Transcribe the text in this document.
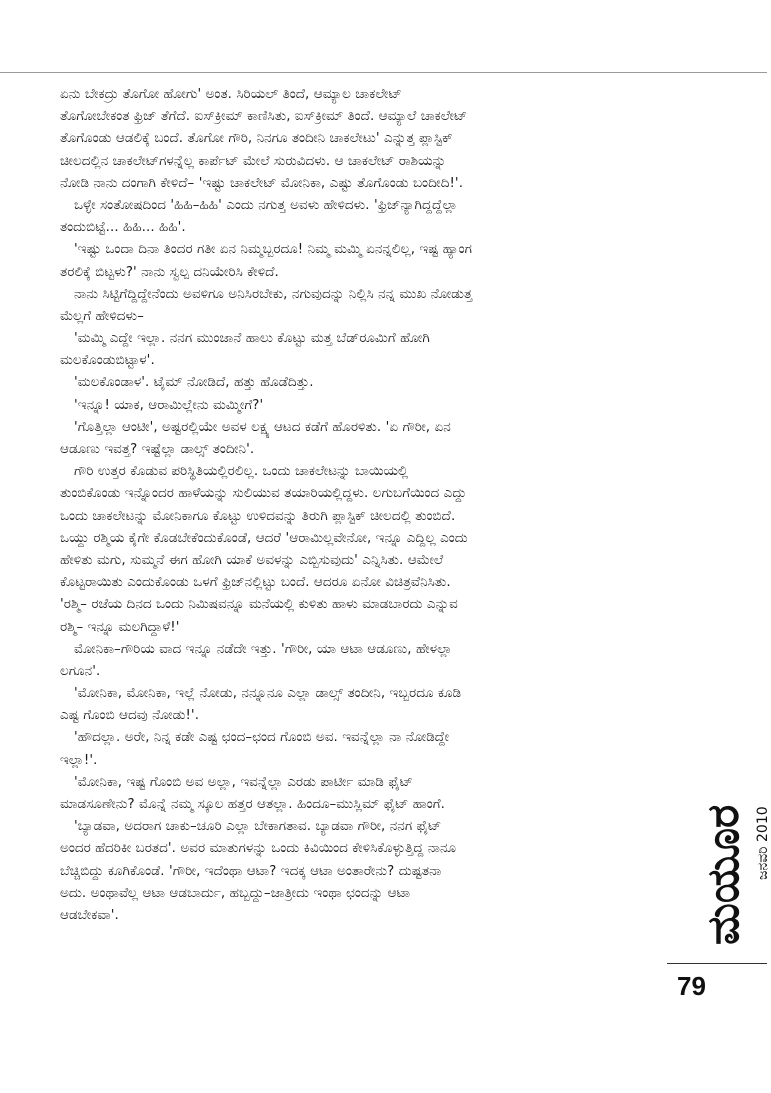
ಏನು ಬೇಕದ್ರು ತೊಗೋ ಹೋಗು' ಅಂತ. ಸಿರಿಯಲ್ ತಿಂದೆ, ಆಮ್ಯಾಲ ಚಾಕಲೇಟ್
ತೊಗೋಬೇಕಂತ ಫ್ರಿಜ್ ತೆಗೆದೆ. ಐಸ್‌ಕ್ರೀಮ್ ಕಾಣಿಸಿತು, ಐಸ್‌ಕ್ರೀಮ್ ತಿಂದೆ. ಆಮ್ಯಾಲೆ ಚಾಕಲೇಟ್
ತೊಗೊಂಡು ಆಡಲಿಕ್ಕೆ ಬಂದೆ. ತೊಗೋ ಗೌರಿ, ನಿನಗೂ ತಂದೀನಿ ಚಾಕಲೇಟು' ಎನ್ನುತ್ತ ಪ್ಲಾಸ್ಟಿಕ್
ಚೀಲದಲ್ಲಿನ ಚಾಕಲೇಟ್‌ಗಳನ್ನೆಲ್ಲ ಕಾರ್ಪೆಟ್ ಮೇಲೆ ಸುರುವಿದಳು. ಆ ಚಾಕಲೇಟ್ ರಾಶಿಯನ್ನು
ನೋಡಿ ನಾನು ದಂಗಾಗಿ ಕೇಳಿದೆ– 'ಇಷ್ಟು ಚಾಕಲೇಟ್ ಮೋನಿಕಾ, ಎಷ್ಟು ತೊಗೊಂಡು ಬಂದೀದಿ!'.
ಒಳ್ಳೇ ಸಂತೋಷದಿಂದ 'ಹಿಹಿ–ಹಿಹಿ' ಎಂದು ನಗುತ್ತ ಅವಳು ಹೇಳಿದಳು. 'ಫ್ರಿಜ್‌ನ್ಯಾಗಿದ್ದದ್ದೆಲ್ಲಾ
ತಂದುಬಿಟ್ಟೆ... ಹಿಹಿ... ಹಿಹಿ'.
'ಇಷ್ಟು ಒಂದಾ ದಿನಾ ತಿಂದರ ಗತೀ ಏನ ನಿಮ್ಮಬ್ಬರದೂ! ನಿಮ್ಮ ಮಮ್ಮಿ ಏನನ್ನಲಿಲ್ಲ, ಇಷ್ಟ ಹ್ಯಾಂಗ
ತರಲಿಕ್ಕೆ ಬಿಟ್ಟಳು?' ನಾನು ಸ್ವಲ್ಪ ದನಿಯೇರಿಸಿ ಕೇಳಿದೆ.
ನಾನು ಸಿಟ್ಟಿಗೆದ್ದಿದ್ದೇನೆಂದು ಅವಳಿಗೂ ಅನಿಸಿರಬೇಕು, ನಗುವುದನ್ನು ನಿಲ್ಲಿಸಿ ನನ್ನ ಮುಖ ನೋಡುತ್ತ
ಮೆಲ್ಲಗೆ ಹೇಳಿದಳು–
'ಮಮ್ಮಿ ಎದ್ದೇ ಇಲ್ಲಾ. ನನಗ ಮುಂಜಾನೆ ಹಾಲು ಕೊಟ್ಟು ಮತ್ತ ಬೆಡ್‌ರೂಮಿಗೆ ಹೋಗಿ
ಮಲಕೊಂಡುಬಿಟ್ಟಾಳ'.
'ಮಲಕೊಂಡಾಳ'. ಟೈಮ್ ನೋಡಿದೆ, ಹತ್ತು ಹೊಡೆದಿತ್ತು.
'ಇನ್ನೂ! ಯಾಕ, ಆರಾಮಿಲ್ಲೇನು ಮಮ್ಮೀಗೆ?'
'ಗೊತ್ತಿಲ್ಲಾ ಆಂಟೀ', ಅಷ್ಟರಲ್ಲಿಯೇ ಅವಳ ಲಕ್ಷ್ಯ ಆಟದ ಕಡೆಗೆ ಹೊರಳಿತು. 'ಏ ಗೌರೀ, ಏನ
ಆಡೂಣು ಇವತ್ತ? ಇಷ್ಟೆಲ್ಲಾ ಡಾಲ್ಸ್ ತಂದೀನಿ'.
ಗೌರಿ ಉತ್ತರ ಕೊಡುವ ಪರಿಸ್ಥಿತಿಯಲ್ಲಿರಲಿಲ್ಲ. ಒಂದು ಚಾಕಲೇಟನ್ನು ಬಾಯಿಯಲ್ಲಿ
ತುಂಬಿಕೊಂಡು ಇನ್ನೊಂದರ ಹಾಳೆಯನ್ನು ಸುಲಿಯುವ ತಯಾರಿಯಲ್ಲಿದ್ದಳು. ಲಗುಬಗೆಯಿಂದ ಎದ್ದು
ಒಂದು ಚಾಕಲೇಟನ್ನು ಮೋನಿಕಾಗೂ ಕೊಟ್ಟು ಉಳಿದವನ್ನು ತಿರುಗಿ ಪ್ಲಾಸ್ಟಿಕ್ ಚೀಲದಲ್ಲಿ ತುಂಬಿದೆ.
ಒಯ್ದು ರಶ್ಮಿಯ ಕೈಗೇ ಕೊಡಬೇಕೆಂದುಕೊಂಡೆ, ಆದರೆ 'ಆರಾಮಿಲ್ಲವೇನೋ, ಇನ್ನೂ ಎದ್ದಿಲ್ಲ ಎಂದು
ಹೇಳಿತು ಮಗು, ಸುಮ್ಮನೆ ಈಗ ಹೋಗಿ ಯಾಕೆ ಅವಳನ್ನು ಎಬ್ಬಿಸುವುದು' ಎನ್ನಿಸಿತು. ಆಮೇಲೆ
ಕೊಟ್ಟರಾಯಿತು ಎಂದುಕೊಂಡು ಒಳಗೆ ಫ್ರಿಜ್‌ನಲ್ಲಿಟ್ಟು ಬಂದೆ. ಆದರೂ ಏನೋ ವಿಚಿತ್ರವೆನಿಸಿತು.
'ರಶ್ಮಿ– ರಜೆಯ ದಿನದ ಒಂದು ನಿಮಿಷವನ್ನೂ ಮನೆಯಲ್ಲಿ ಕುಳಿತು ಹಾಳು ಮಾಡಬಾರದು ಎನ್ನುವ
ರಶ್ಮಿ– ಇನ್ನೂ ಮಲಗಿದ್ದಾಳೆ!'
ಮೋನಿಕಾ–ಗೌರಿಯ ವಾದ ಇನ್ನೂ ನಡೆದೇ ಇತ್ತು. 'ಗೌರೀ, ಯಾ ಆಟಾ ಆಡೂಣು, ಹೇಳಲ್ಲಾ
ಲಗೂನ'.
'ಮೋನಿಕಾ, ಮೋನಿಕಾ, ಇಲ್ಲೆ ನೋಡು, ನನ್ನೂನೂ ಎಲ್ಲಾ ಡಾಲ್ಸ್ ತಂದೀನಿ, ಇಬ್ಬರದೂ ಕೂಡಿ
ಎಷ್ಟ ಗೊಂಬಿ ಆದವು ನೋಡು!'.
'ಹೌದಲ್ಲಾ. ಅರೇ, ನಿನ್ನ ಕಡೇ ಎಷ್ಟ ಛಂದ–ಛಂದ ಗೊಂಬಿ ಅವ. ಇವನ್ನೆಲ್ಲಾ ನಾ ನೋಡಿದ್ದೇ
ಇಲ್ಲಾ!'.
'ಮೋನಿಕಾ, ಇಷ್ಟ ಗೊಂಬಿ ಅವ ಅಲ್ಲಾ, ಇವನ್ನೆಲ್ಲಾ ಎರಡು ಪಾರ್ಟೀ ಮಾಡಿ ಫೈಟ್
ಮಾಡಸೂಣೇನು? ಮೊನ್ನೆ ನಮ್ಮ ಸ್ಕೂಲ ಹತ್ತರ ಆತಲ್ಲಾ. ಹಿಂದೂ–ಮುಸ್ಲಿಮ್ ಫೈಟ್ ಹಾಂಗೆ.
'ಬ್ಯಾಡವಾ, ಅದರಾಗ ಚಾಕು–ಚೂರಿ ಎಲ್ಲಾ ಬೇಕಾಗತಾವ. ಬ್ಯಾಡವಾ ಗೌರೀ, ನನಗ ಫೈಟ್
ಅಂದರ ಹೆದರಿಕೀ ಬರತದ'. ಅವರ ಮಾತುಗಳನ್ನು ಒಂದು ಕಿವಿಯಿಂದ ಕೇಳಿಸಿಕೊಳ್ಳುತ್ತಿದ್ದ ನಾನೂ
ಬೆಚ್ಚಿಬಿದ್ದು ಕೂಗಿಕೊಂಡೆ. 'ಗೌರೀ, ಇದೆಂಥಾ ಆಟಾ? ಇದಕ್ಕ ಆಟಾ ಅಂತಾರೇನು? ದುಷ್ಟತನಾ
ಅದು. ಅಂಥಾವೆಲ್ಲ ಆಟಾ ಆಡಬಾರ್ದು, ಹಬ್ಬದ್ದು–ಜಾತ್ರೀದು ಇಂಥಾ ಛಂದನ್ನು ಆಟಾ
ಆಡಬೇಕವಾ'.	ಮಯೂರ ಜನವರಿ 2010
79
